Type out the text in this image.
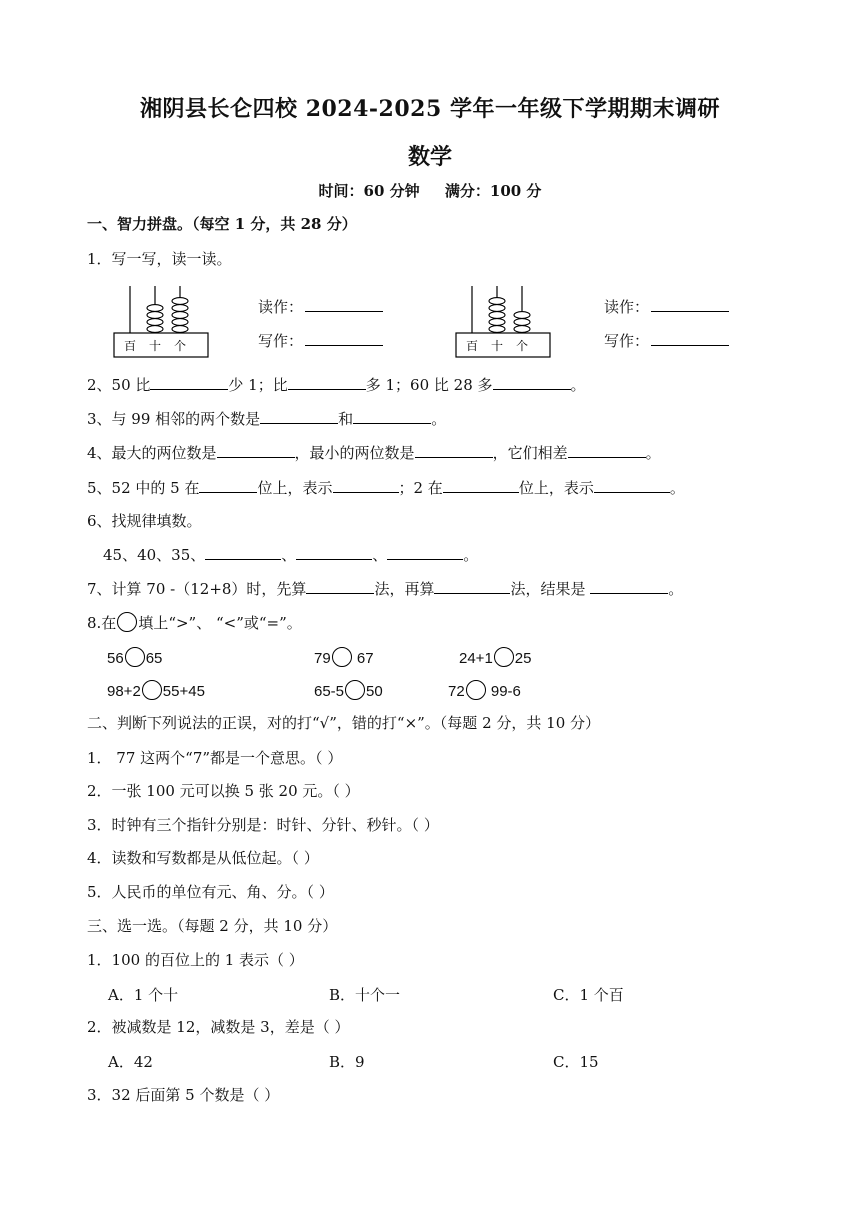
湘阴县长仑四校 2024-2025 学年一年级下学期期末调研
数学
时间：60 分钟 满分：100 分
一、智力拼盘。（每空 1 分，共 28 分）
1．写一写，读一读。
百 十 个
读作：
写作：	百 十 个
读作：
写作：
2、50 比	少 1；比	多 1；60 比 28 多	。
3、与 99 相邻的两个数是	和	。
4、最大的两位数是	，最小的两位数是	，它们相差	。
5、52 中的 5 在	位上，表示	；2 在	位上，表示	。
6、找规律填数。
45、40、35、	、	、	。
7、计算 70 -（12+8）时，先算	法，再算	法，结果是	。
8.在 填上“>”、 “<”或“=”。
56 65	79 67	24+1 25
98+2 55+45	65-5 50	72 99-6
二、判断下列说法的正误，对的打“√”，错的打“×”。（每题 2 分，共 10 分）
1． 77 这两个“7”都是一个意思。（ ）
2．一张 100 元可以换 5 张 20 元。（ ）
3．时钟有三个指针分别是：时针、分针、秒针。（ ）
4．读数和写数都是从低位起。（ ）
5．人民币的单位有元、角、分。（ ）
三、选一选。（每题 2 分，共 10 分）
1．100 的百位上的 1 表示（ ）
A．1 个十	B．十个一	C．1 个百
2．被减数是 12，减数是 3，差是（ ）
A．42	B．9	C．15
3．32 后面第 5 个数是（ ）
